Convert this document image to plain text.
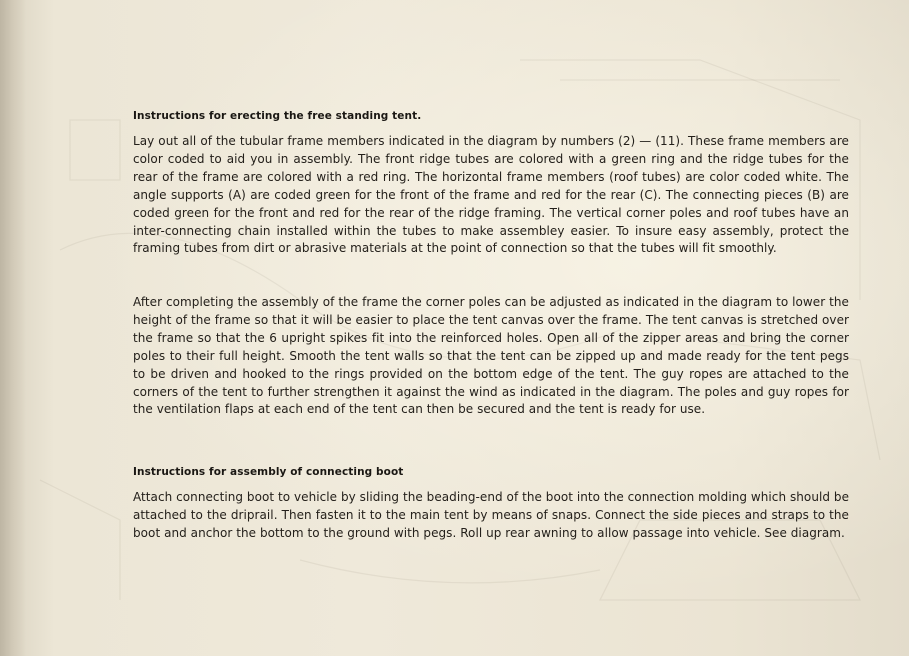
Instructions for erecting the free standing tent.

Lay out all of the tubular frame members indicated in the diagram by numbers (2) — (11). These frame members are color coded to aid you in assembly. The front ridge tubes are colored with a green ring and the ridge tubes for the rear of the frame are colored with a red ring. The horizontal frame members (roof tubes) are color coded white. The angle supports (A) are coded green for the front of the frame and red for the rear (C). The connecting pieces (B) are coded green for the front and red for the rear of the ridge framing. The vertical corner poles and roof tubes have an inter-connecting chain installed within the tubes to make assembley easier. To insure easy assembly, protect the framing tubes from dirt or abrasive materials at the point of connection so that the tubes will fit smoothly.

After completing the assembly of the frame the corner poles can be adjusted as indicated in the diagram to lower the height of the frame so that it will be easier to place the tent canvas over the frame. The tent canvas is stretched over the frame so that the 6 upright spikes fit into the reinforced holes. Open all of the zipper areas and bring the corner poles to their full height. Smooth the tent walls so that the tent can be zipped up and made ready for the tent pegs to be driven and hooked to the rings provided on the bottom edge of the tent. The guy ropes are attached to the corners of the tent to further strengthen it against the wind as indicated in the diagram. The poles and guy ropes for the ventilation flaps at each end of the tent can then be secured and the tent is ready for use.

Instructions for assembly of connecting boot

Attach connecting boot to vehicle by sliding the beading-end of the boot into the connection molding which should be attached to the driprail. Then fasten it to the main tent by means of snaps. Connect the side pieces and straps to the boot and anchor the bottom to the ground with pegs. Roll up rear awning to allow passage into vehicle. See diagram.
